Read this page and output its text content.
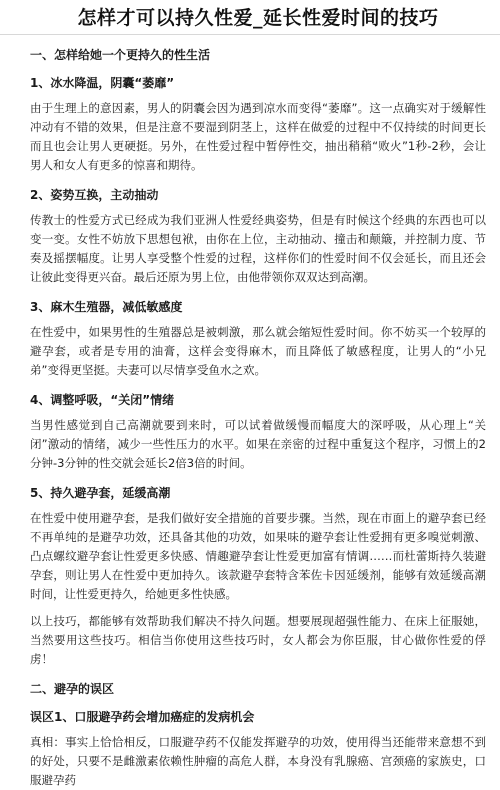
怎样才可以持久性爱_延长性爱时间的技巧
一、怎样给她一个更持久的性生活
1、冰水降温，阴囊“萎靡”

由于生理上的意因素，男人的阴囊会因为遇到凉水而变得“萎靡”。这一点确实对于缓解性冲动有不错的效果，但是注意不要湿到阴茎上，这样在做爱的过程中不仅持续的时间更长而且也会让男人更硬挺。另外，在性爱过程中暂停性交，抽出稍稍“败火”1秒-2秒，会让男人和女人有更多的惊喜和期待。

2、姿势互换，主动抽动

传教士的性爱方式已经成为我们亚洲人性爱经典姿势，但是有时候这个经典的东西也可以变一变。女性不妨放下思想包袱，由你在上位，主动抽动、撞击和颠簸，并控制力度、节奏及摇摆幅度。让男人享受整个性爱的过程，这样你们的性爱时间不仅会延长，而且还会让彼此变得更兴奋。最后还原为男上位，由他带领你双双达到高潮。

3、麻木生殖器，减低敏感度

在性爱中，如果男性的生殖器总是被刺激，那么就会缩短性爱时间。你不妨买一个较厚的避孕套，或者是专用的油膏，这样会变得麻木，而且降低了敏感程度，让男人的“小兄弟”变得更坚挺。夫妻可以尽情享受鱼水之欢。

4、调整呼吸，“关闭”情绪

当男性感觉到自己高潮就要到来时，可以试着做缓慢而幅度大的深呼吸，从心理上“关闭”激动的情绪，减少一些性压力的水平。如果在亲密的过程中重复这个程序，习惯上的2分钟-3分钟的性交就会延长2倍3倍的时间。

5、持久避孕套，延缓高潮

在性爱中使用避孕套，是我们做好安全措施的首要步骤。当然，现在市面上的避孕套已经不再单纯的是避孕功效，还具备其他的功效，如果味的避孕套让性爱拥有更多嗅觉刺激、凸点螺纹避孕套让性爱更多快感、情趣避孕套让性爱更加富有情调……而杜蕾斯持久装避孕套，则让男人在性爱中更加持久。该款避孕套特含苯佐卡因延缓剂，能够有效延缓高潮时间，让性爱更持久，给她更多性快感。

以上技巧，都能够有效帮助我们解决不持久问题。想要展现超强性能力、在床上征服她，当然要用这些技巧。相信当你使用这些技巧时，女人都会为你臣服，甘心做你性爱的俘虏！

二、避孕的误区
误区1、口服避孕药会增加癌症的发病机会

真相：事实上恰恰相反，口服避孕药不仅能发挥避孕的功效，使用得当还能带来意想不到的好处，只要不是雌激素依赖性肿瘤的高危人群，本身没有乳腺癌、宫颈癌的家族史，口服避孕药
